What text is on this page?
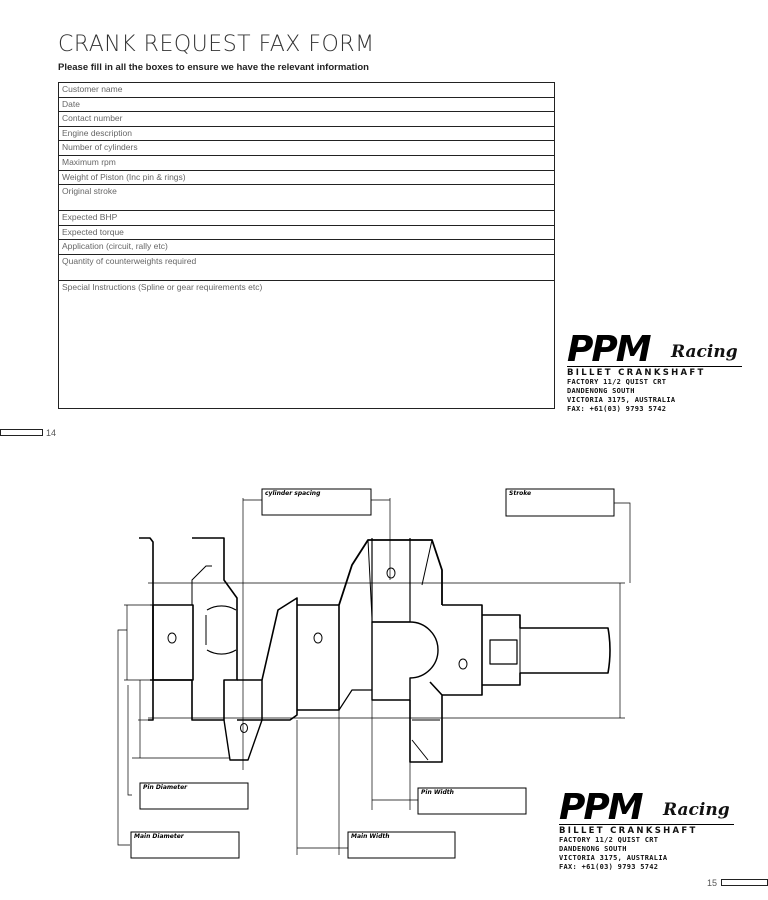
CRANK REQUEST FAX FORM
Please fill in all the boxes to ensure we have the relevant information
Customer name
Date
Contact number
Engine description
Number of cylinders
Maximum rpm
Weight of Piston (Inc pin & rings)
Original stroke
Expected BHP
Expected torque
Application (circuit, rally etc)
Quantity of counterweights required
Special Instructions (Spline or gear requirements etc)
PPM Racing
BILLET CRANKSHAFT
FACTORY 11/2 QUIST CRT
DANDENONG SOUTH
VICTORIA 3175, AUSTRALIA
FAX: +61(03) 9793 5742
14
cylinder spacing	Stroke
Pin Diameter
Pin Width
Main Diameter	Main Width
PPM Racing
BILLET CRANKSHAFT
FACTORY 11/2 QUIST CRT
DANDENONG SOUTH
VICTORIA 3175, AUSTRALIA
FAX: +61(03) 9793 5742
15
